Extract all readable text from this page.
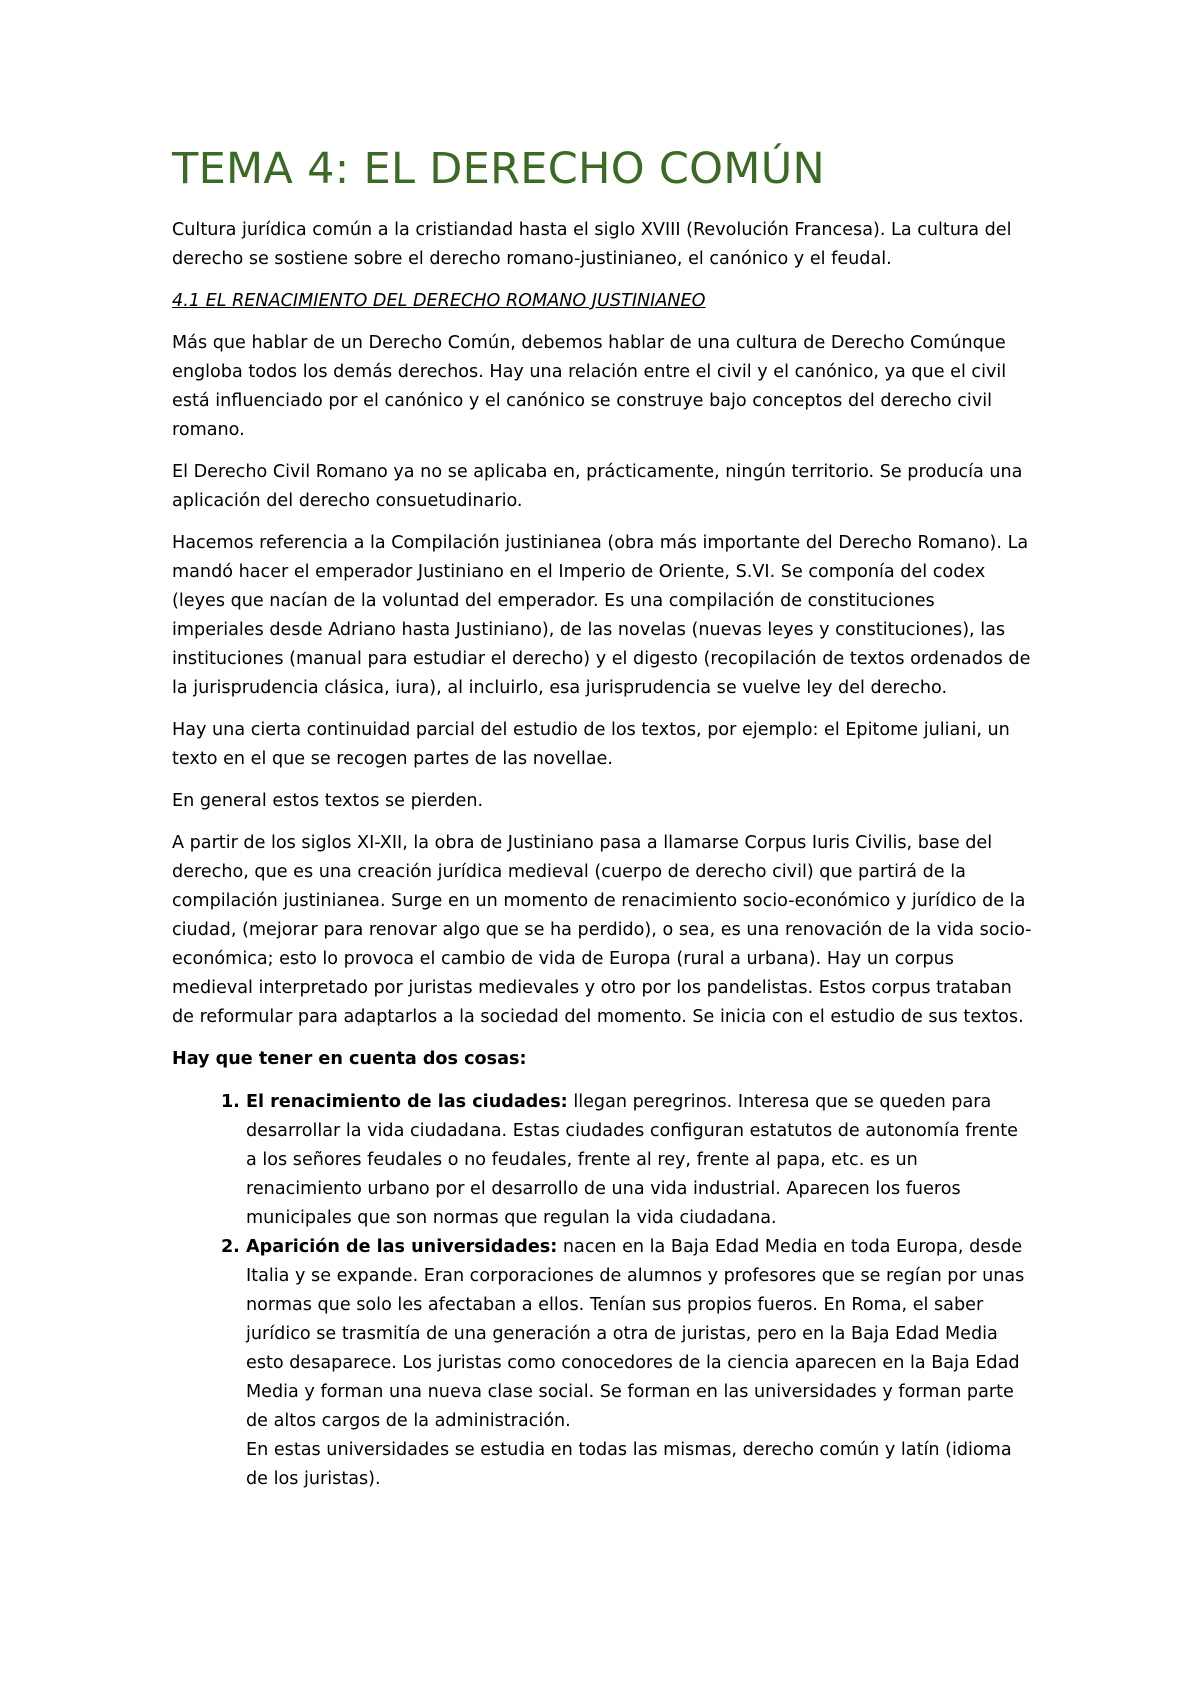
TEMA 4: EL DERECHO COMÚN

Cultura jurídica común a la cristiandad hasta el siglo XVIII (Revolución Francesa). La cultura del derecho se sostiene sobre el derecho romano-justinianeo, el canónico y el feudal.

4.1 EL RENACIMIENTO DEL DERECHO ROMANO JUSTINIANEO

Más que hablar de un Derecho Común, debemos hablar de una cultura de Derecho Comúnque engloba todos los demás derechos. Hay una relación entre el civil y el canónico, ya que el civil está influenciado por el canónico y el canónico se construye bajo conceptos del derecho civil romano.

El Derecho Civil Romano ya no se aplicaba en, prácticamente, ningún territorio. Se producía una aplicación del derecho consuetudinario.

Hacemos referencia a la Compilación justinianea (obra más importante del Derecho Romano). La mandó hacer el emperador Justiniano en el Imperio de Oriente, S.VI. Se componía del codex (leyes que nacían de la voluntad del emperador. Es una compilación de constituciones imperiales desde Adriano hasta Justiniano), de las novelas (nuevas leyes y constituciones), las instituciones (manual para estudiar el derecho) y el digesto (recopilación de textos ordenados de la jurisprudencia clásica, iura), al incluirlo, esa jurisprudencia se vuelve ley del derecho.

Hay una cierta continuidad parcial del estudio de los textos, por ejemplo: el Epitome juliani, un texto en el que se recogen partes de las novellae.

En general estos textos se pierden.

A partir de los siglos XI-XII, la obra de Justiniano pasa a llamarse Corpus Iuris Civilis, base del derecho, que es una creación jurídica medieval (cuerpo de derecho civil) que partirá de la compilación justinianea. Surge en un momento de renacimiento socio-económico y jurídico de la ciudad, (mejorar para renovar algo que se ha perdido), o sea, es una renovación de la vida socio-económica; esto lo provoca el cambio de vida de Europa (rural a urbana). Hay un corpus medieval interpretado por juristas medievales y otro por los pandelistas. Estos corpus trataban de reformular para adaptarlos a la sociedad del momento. Se inicia con el estudio de sus textos.

Hay que tener en cuenta dos cosas:

1. El renacimiento de las ciudades: llegan peregrinos. Interesa que se queden para desarrollar la vida ciudadana. Estas ciudades configuran estatutos de autonomía frente a los señores feudales o no feudales, frente al rey, frente al papa, etc. es un renacimiento urbano por el desarrollo de una vida industrial. Aparecen los fueros municipales que son normas que regulan la vida ciudadana.
2. Aparición de las universidades: nacen en la Baja Edad Media en toda Europa, desde Italia y se expande. Eran corporaciones de alumnos y profesores que se regían por unas normas que solo les afectaban a ellos. Tenían sus propios fueros. En Roma, el saber jurídico se trasmitía de una generación a otra de juristas, pero en la Baja Edad Media esto desaparece. Los juristas como conocedores de la ciencia aparecen en la Baja Edad Media y forman una nueva clase social. Se forman en las universidades y forman parte de altos cargos de la administración.
En estas universidades se estudia en todas las mismas, derecho común y latín (idioma de los juristas).
